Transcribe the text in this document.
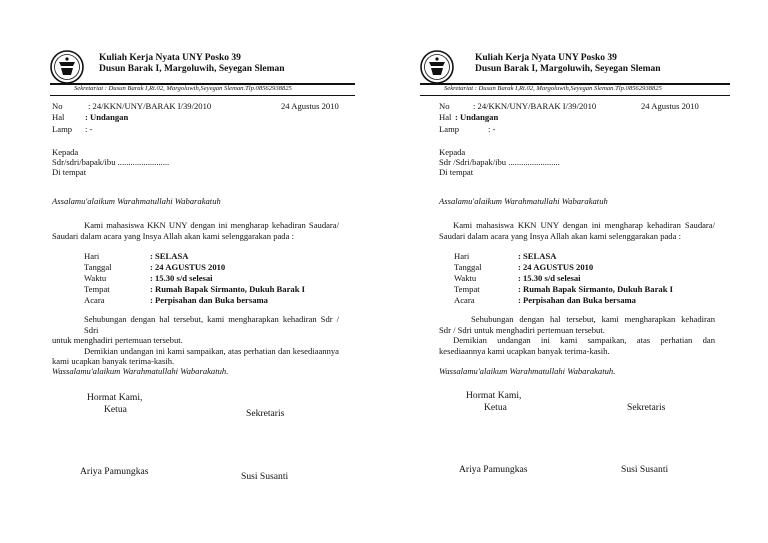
Kuliah Kerja Nyata UNY Posko 39
Dusun Barak I, Margoluwih, Seyegan Sleman
Sekretariat : Dusun Barak I,Rt.02, Margoluwih,Seyegan Sleman.Tlp.08562938825
No	: 24/KKN/UNY/BARAK I/39/2010	24 Agustus 2010
Hal : Undangan
Lamp : -
Kepada
Sdr/sdri/bapak/ibu ........................
Di tempat
Assalamu'alaikum Warahmatullahi Wabarakatuh
Kami mahasiswa KKN UNY dengan ini mengharap kehadiran Saudara/
Saudari dalam acara yang Insya Allah akan kami selenggarakan pada :
Hari	: SELASA
Tanggal	: 24 AGUSTUS 2010
Waktu	: 15.30 s/d selesai
Tempat	: Rumah Bapak Sirmanto, Dukuh Barak I
Acara	: Perpisahan dan Buka bersama
Sehubungan dengan hal tersebut, kami mengharapkan kehadiran Sdr / Sdri
untuk menghadiri pertemuan tersebut.
Demikian undangan ini kami sampaikan, atas perhatian dan kesediaannya
kami ucapkan banyak terima-kasih.
Wassalamu'alaikum Warahmatullahi Wabarakatuh.
Hormat Kami,
Ketua	Sekretaris
Ariya Pamungkas	Susi Susanti
Kuliah Kerja Nyata UNY Posko 39
Dusun Barak I, Margoluwih, Seyegan Sleman
Sekretariat : Dusun Barak I,Rt.02, Margoluwih,Seyegan Sleman.Tlp.08562938825
No	: 24/KKN/UNY/BARAK I/39/2010	24 Agustus 2010
Hal : Undangan
Lamp	: -
Kepada
Sdr /Sdri/bapak/ibu ........................
Di tempat
Assalamu'alaikum Warahmatullahi Wabarakatuh
Kami mahasiswa KKN UNY dengan ini mengharap kehadiran Saudara/
Saudari dalam acara yang Insya Allah akan kami selenggarakan pada :
Hari	: SELASA
Tanggal	: 24 AGUSTUS 2010
Waktu	: 15.30 s/d selesai
Tempat	: Rumah Bapak Sirmanto, Dukuh Barak I
Acara	: Perpisahan dan Buka bersama
Sehubungan dengan hal tersebut, kami mengharapkan kehadiran
Sdr / Sdri untuk menghadiri pertemuan tersebut.
Demikian undangan ini kami sampaikan, atas perhatian dan
kesediaannya kami ucapkan banyak terima-kasih.
Wassalamu'alaikum Warahmatullahi Wabarakatuh.
Hormat Kami,
Ketua	Sekretaris
Ariya Pamungkas	Susi Susanti
